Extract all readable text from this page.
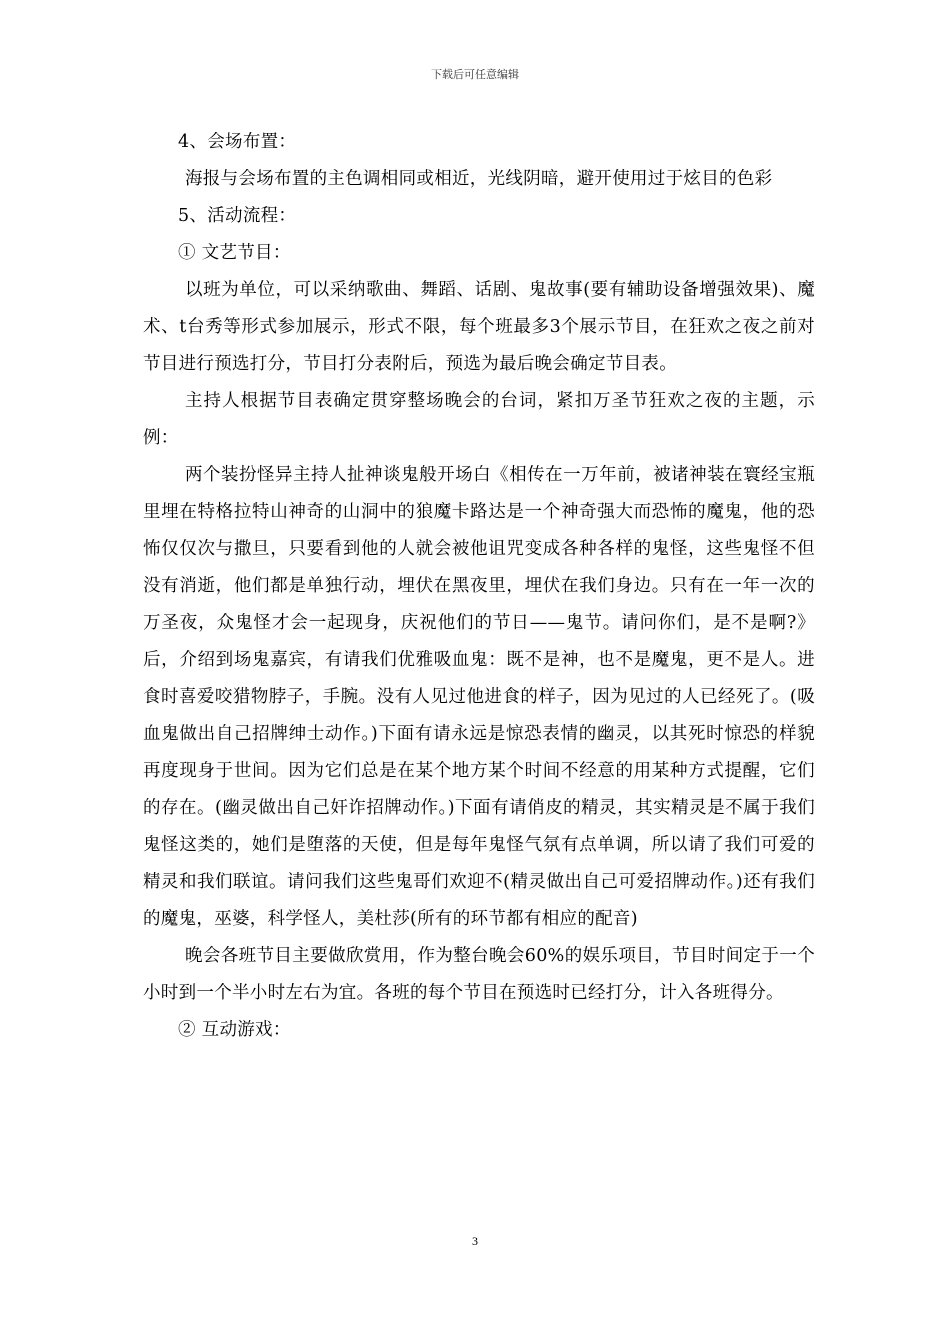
下载后可任意编辑

4、会场布置：

海报与会场布置的主色调相同或相近，光线阴暗，避开使用过于炫目的色彩

5、活动流程：

① 文艺节目：

以班为单位，可以采纳歌曲、舞蹈、话剧、鬼故事(要有辅助设备增强效果)、魔术、t台秀等形式参加展示，形式不限，每个班最多3个展示节目，在狂欢之夜之前对节目进行预选打分，节目打分表附后，预选为最后晚会确定节目表。

主持人根据节目表确定贯穿整场晚会的台词，紧扣万圣节狂欢之夜的主题，示例：

两个装扮怪异主持人扯神谈鬼般开场白《相传在一万年前，被诸神装在寰经宝瓶里埋在特格拉特山神奇的山洞中的狼魔卡路达是一个神奇强大而恐怖的魔鬼，他的恐怖仅仅次与撒旦，只要看到他的人就会被他诅咒变成各种各样的鬼怪，这些鬼怪不但没有消逝，他们都是单独行动，埋伏在黑夜里，埋伏在我们身边。只有在一年一次的万圣夜，众鬼怪才会一起现身，庆祝他们的节日——鬼节。请问你们，是不是啊?》后，介绍到场鬼嘉宾，有请我们优雅吸血鬼：既不是神，也不是魔鬼，更不是人。进食时喜爱咬猎物脖子，手腕。没有人见过他进食的样子，因为见过的人已经死了。(吸血鬼做出自己招牌绅士动作。)下面有请永远是惊恐表情的幽灵，以其死时惊恐的样貌再度现身于世间。因为它们总是在某个地方某个时间不经意的用某种方式提醒，它们的存在。(幽灵做出自己奸诈招牌动作。)下面有请俏皮的精灵，其实精灵是不属于我们鬼怪这类的，她们是堕落的天使，但是每年鬼怪气氛有点单调，所以请了我们可爱的精灵和我们联谊。请问我们这些鬼哥们欢迎不(精灵做出自己可爱招牌动作。)还有我们的魔鬼，巫婆，科学怪人，美杜莎(所有的环节都有相应的配音)

晚会各班节目主要做欣赏用，作为整台晚会60%的娱乐项目，节目时间定于一个小时到一个半小时左右为宜。各班的每个节目在预选时已经打分，计入各班得分。

② 互动游戏：

3
